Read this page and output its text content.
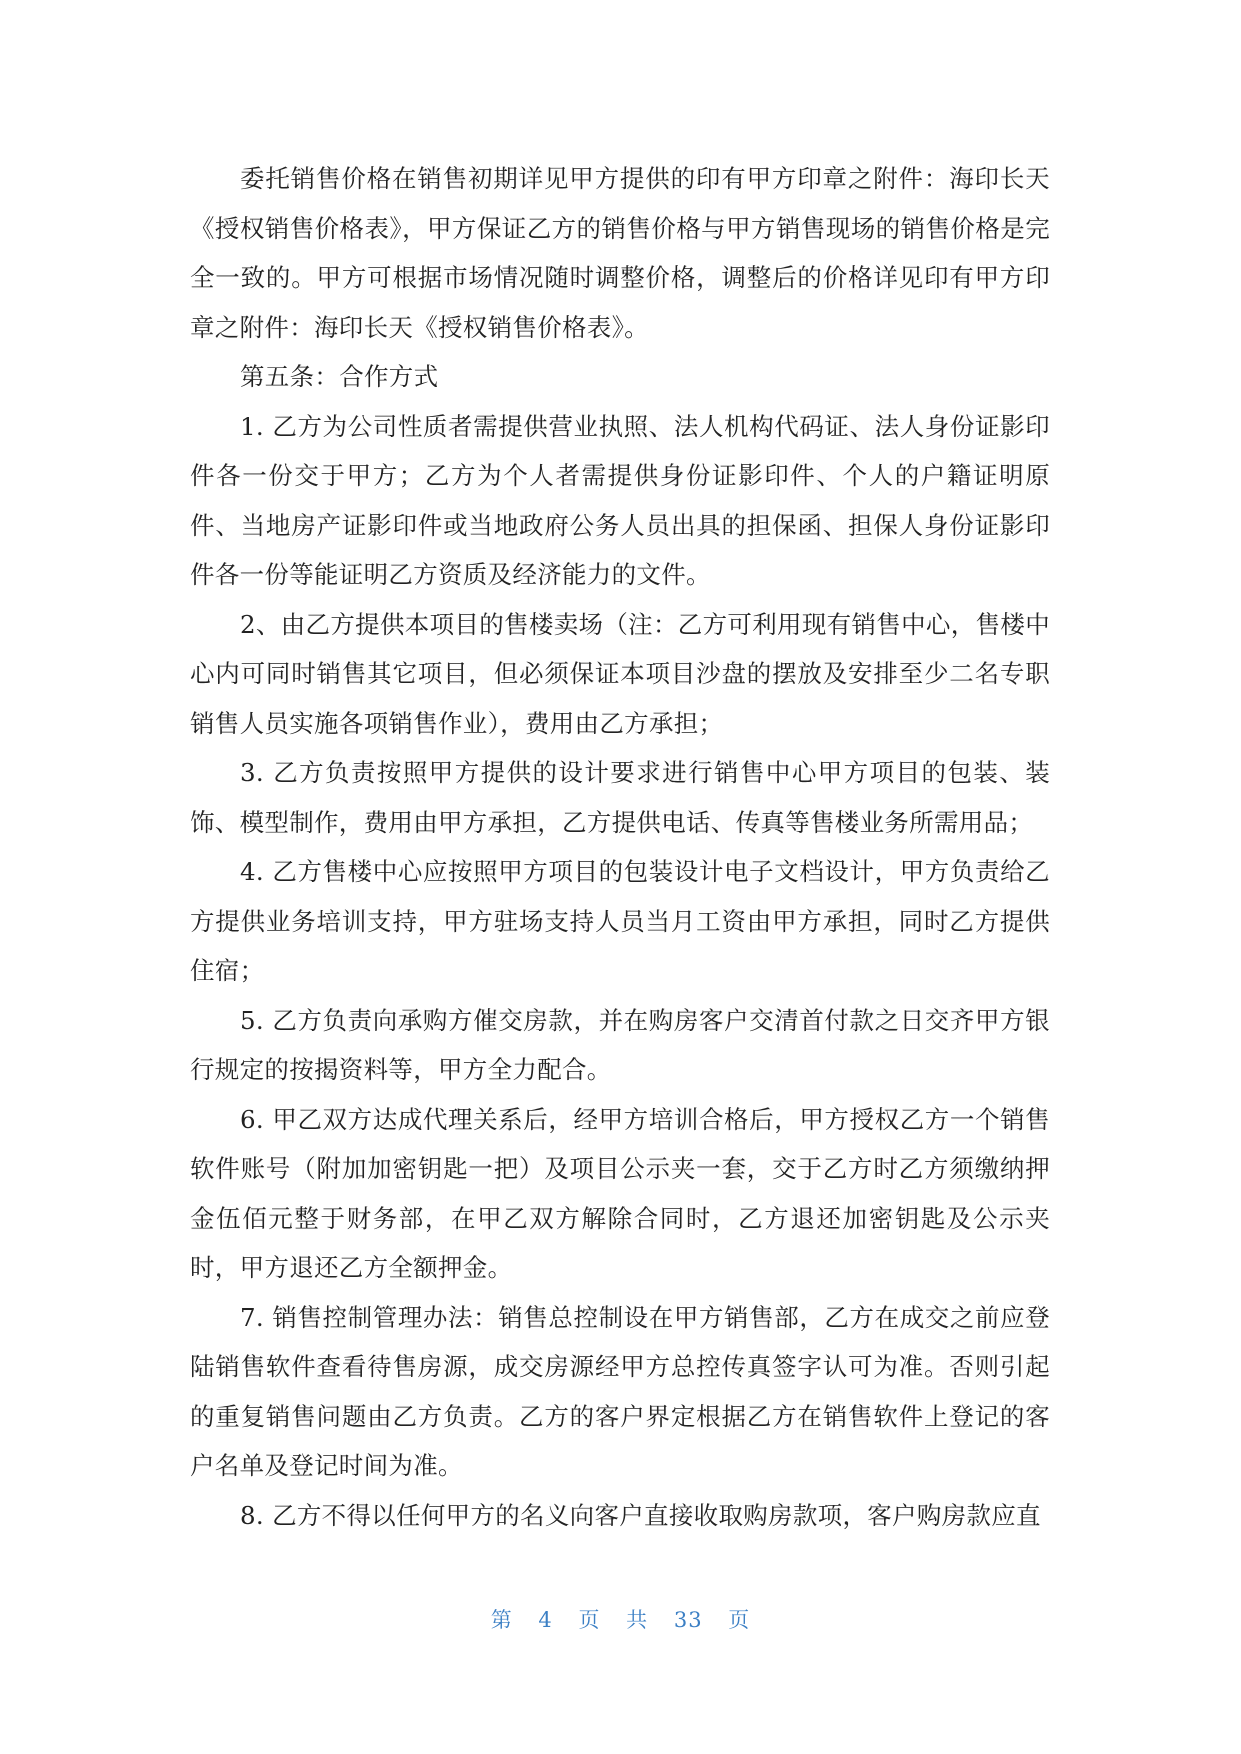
委托销售价格在销售初期详见甲方提供的印有甲方印章之附件：海印长天《授权销售价格表》，甲方保证乙方的销售价格与甲方销售现场的销售价格是完全一致的。甲方可根据市场情况随时调整价格，调整后的价格详见印有甲方印章之附件：海印长天《授权销售价格表》。

第五条：合作方式

1. 乙方为公司性质者需提供营业执照、法人机构代码证、法人身份证影印件各一份交于甲方；乙方为个人者需提供身份证影印件、个人的户籍证明原件、当地房产证影印件或当地政府公务人员出具的担保函、担保人身份证影印件各一份等能证明乙方资质及经济能力的文件。

2、由乙方提供本项目的售楼卖场（注：乙方可利用现有销售中心，售楼中心内可同时销售其它项目，但必须保证本项目沙盘的摆放及安排至少二名专职销售人员实施各项销售作业），费用由乙方承担；

3. 乙方负责按照甲方提供的设计要求进行销售中心甲方项目的包装、装饰、模型制作，费用由甲方承担，乙方提供电话、传真等售楼业务所需用品；

4. 乙方售楼中心应按照甲方项目的包装设计电子文档设计，甲方负责给乙方提供业务培训支持，甲方驻场支持人员当月工资由甲方承担，同时乙方提供住宿；

5. 乙方负责向承购方催交房款，并在购房客户交清首付款之日交齐甲方银行规定的按揭资料等，甲方全力配合。

6. 甲乙双方达成代理关系后，经甲方培训合格后，甲方授权乙方一个销售软件账号（附加加密钥匙一把）及项目公示夹一套，交于乙方时乙方须缴纳押金伍佰元整于财务部，在甲乙双方解除合同时，乙方退还加密钥匙及公示夹时，甲方退还乙方全额押金。

7. 销售控制管理办法：销售总控制设在甲方销售部，乙方在成交之前应登陆销售软件查看待售房源，成交房源经甲方总控传真签字认可为准。否则引起的重复销售问题由乙方负责。乙方的客户界定根据乙方在销售软件上登记的客户名单及登记时间为准。

8. 乙方不得以任何甲方的名义向客户直接收取购房款项，客户购房款应直

第 4 页 共 33 页
